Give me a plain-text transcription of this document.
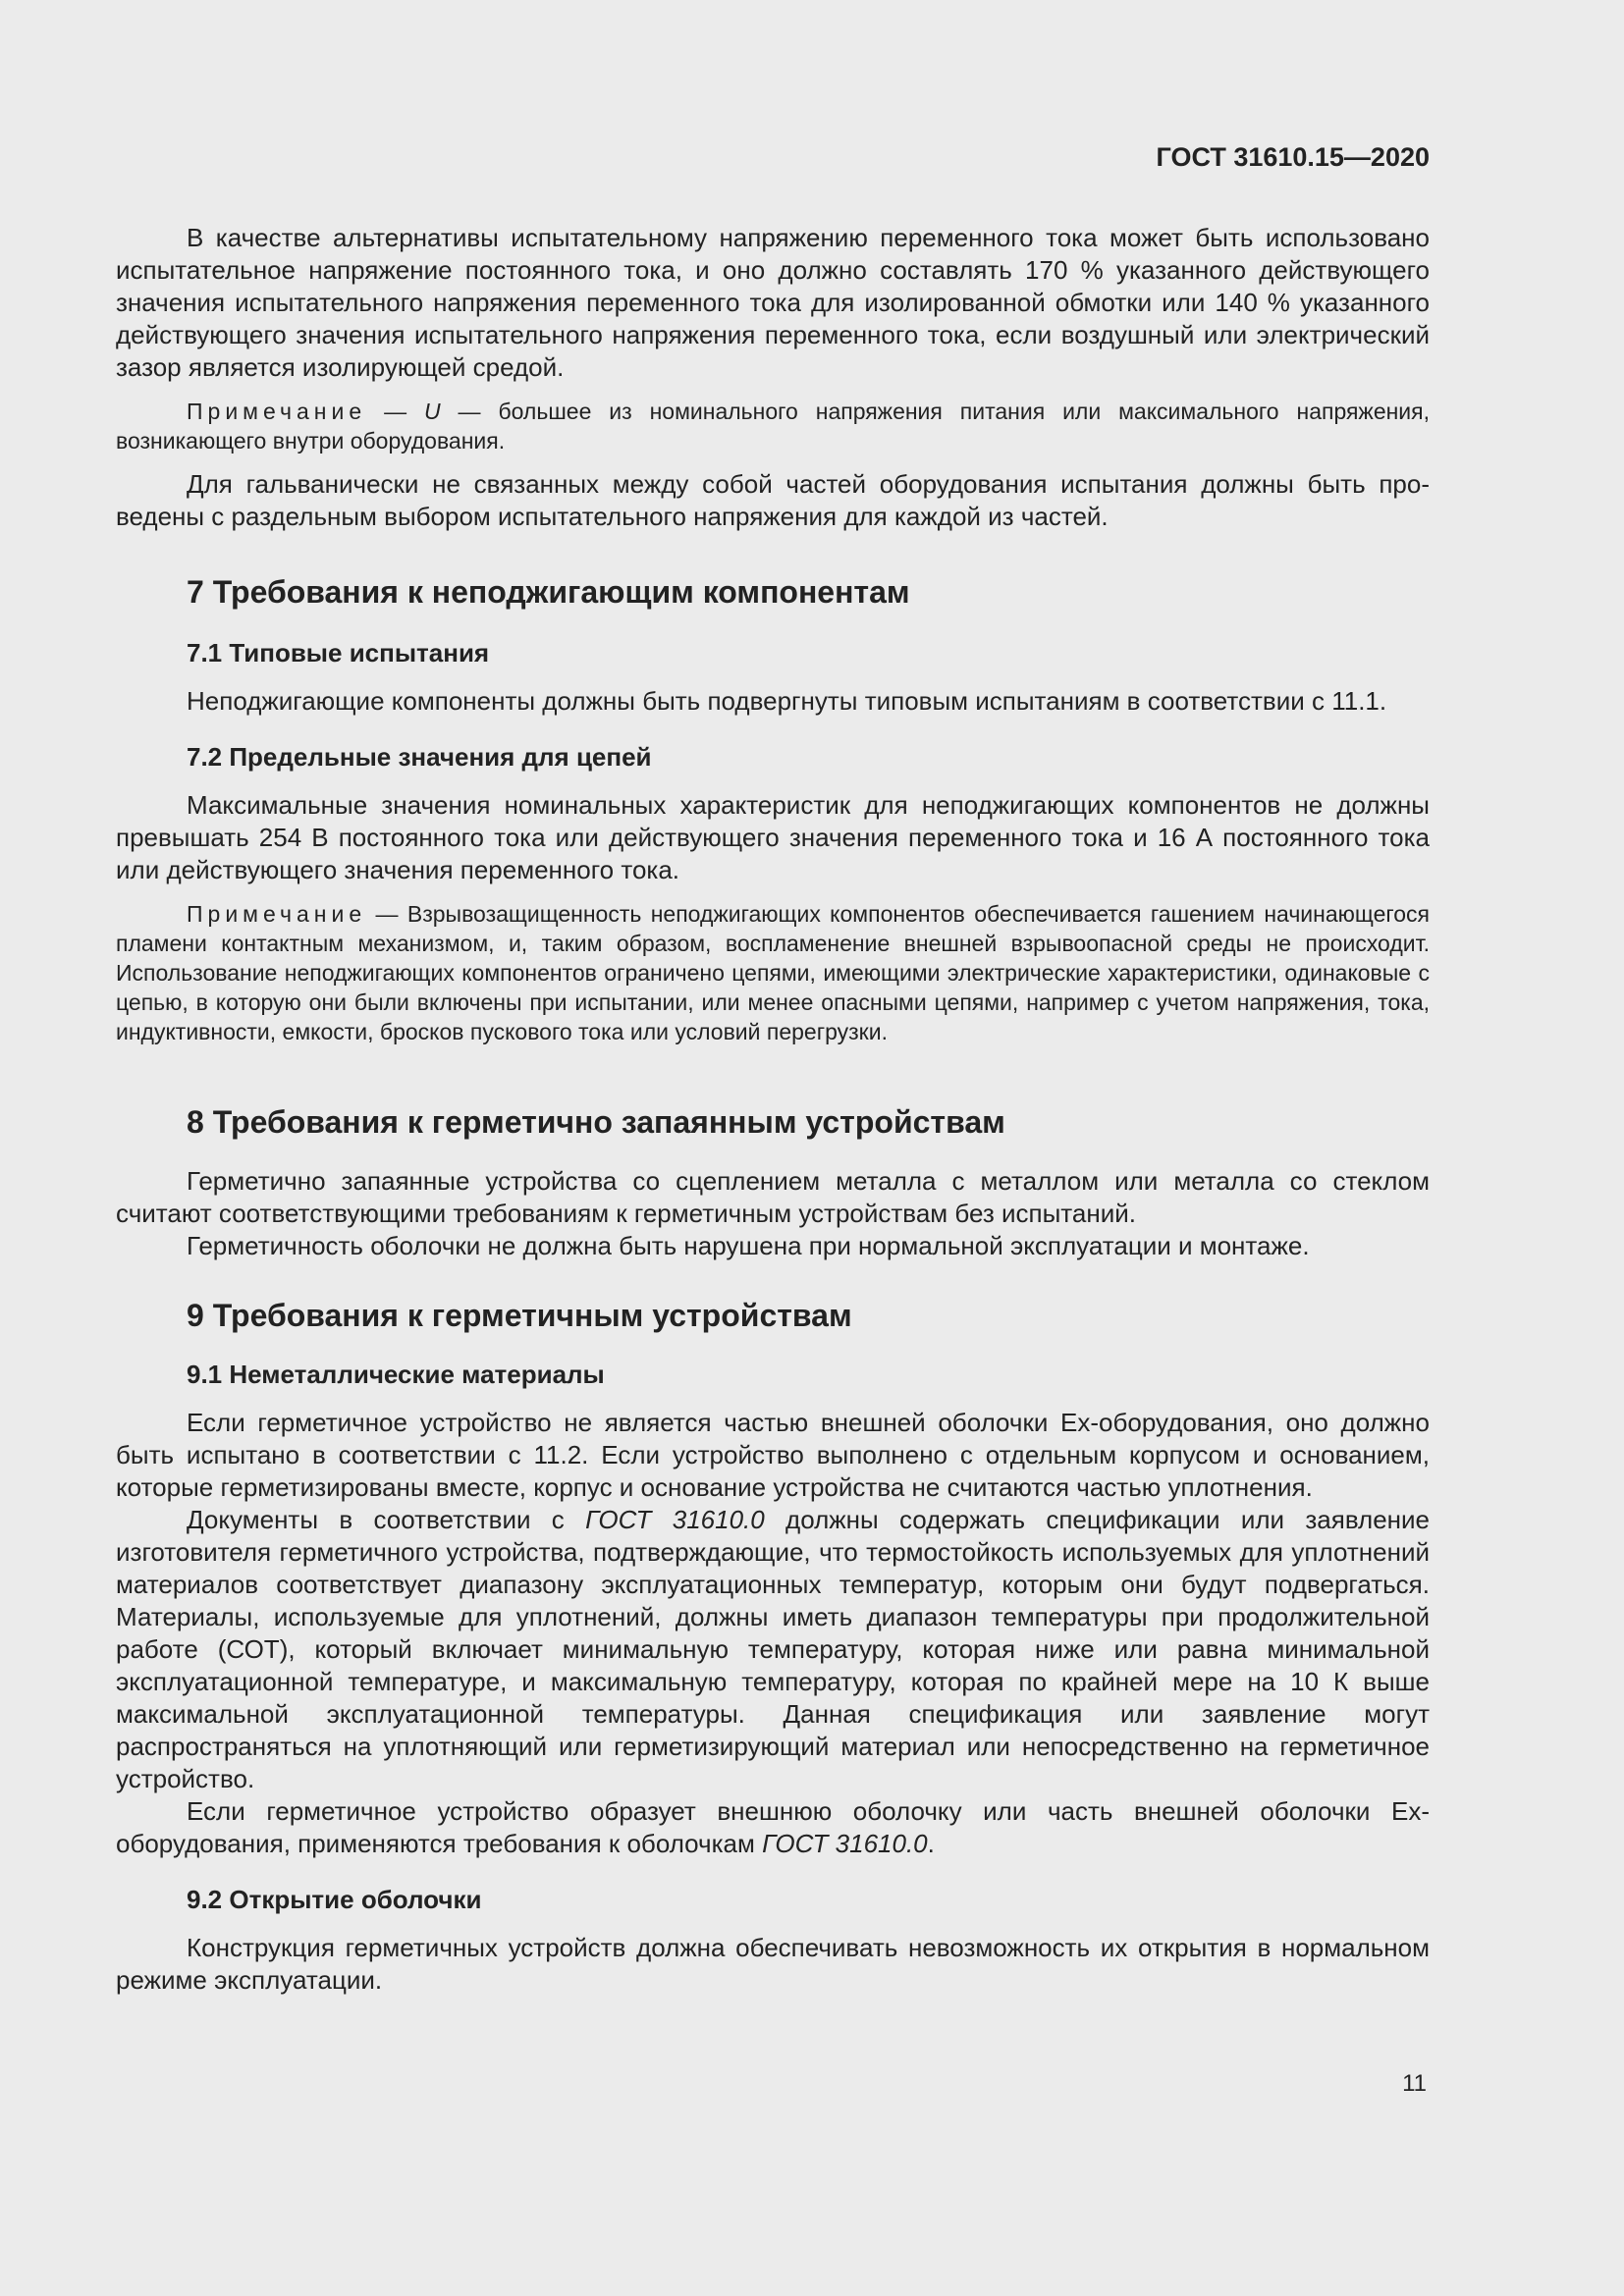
ГОСТ 31610.15—2020

В качестве альтернативы испытательному напряжению переменного тока может быть использовано испытательное напряжение постоянного тока, и оно должно составлять 170 % указанного действующего значения испытательного напряжения переменного тока для изолированной обмотки или 140 % указанного действующего значения испытательного напряжения переменного тока, если воздушный или электрический зазор является изолирующей средой.

Примечание — U — большее из номинального напряжения питания или максимального напряжения, возникающего внутри оборудования.

Для гальванически не связанных между собой частей оборудования испытания должны быть проведены с раздельным выбором испытательного напряжения для каждой из частей.

7 Требования к неподжигающим компонентам
7.1 Типовые испытания

Неподжигающие компоненты должны быть подвергнуты типовым испытаниям в соответствии с 11.1.

7.2 Предельные значения для цепей

Максимальные значения номинальных характеристик для неподжигающих компонентов не должны превышать 254 В постоянного тока или действующего значения переменного тока и 16 А постоянного тока или действующего значения переменного тока.

Примечание — Взрывозащищенность неподжигающих компонентов обеспечивается гашением начинающегося пламени контактным механизмом, и, таким образом, воспламенение внешней взрывоопасной среды не происходит. Использование неподжигающих компонентов ограничено цепями, имеющими электрические характеристики, одинаковые с цепью, в которую они были включены при испытании, или менее опасными цепями, например с учетом напряжения, тока, индуктивности, емкости, бросков пускового тока или условий перегрузки.

8 Требования к герметично запаянным устройствам

Герметично запаянные устройства со сцеплением металла с металлом или металла со стеклом считают соответствующими требованиям к герметичным устройствам без испытаний.

Герметичность оболочки не должна быть нарушена при нормальной эксплуатации и монтаже.

9 Требования к герметичным устройствам
9.1 Неметаллические материалы

Если герметичное устройство не является частью внешней оболочки Ex-оборудования, оно должно быть испытано в соответствии с 11.2. Если устройство выполнено с отдельным корпусом и основанием, которые герметизированы вместе, корпус и основание устройства не считаются частью уплотнения.

Документы в соответствии с ГОСТ 31610.0 должны содержать спецификации или заявление изготовителя герметичного устройства, подтверждающие, что термостойкость используемых для уплотнений материалов соответствует диапазону эксплуатационных температур, которым они будут подвергаться. Материалы, используемые для уплотнений, должны иметь диапазон температуры при продолжительной работе (СОТ), который включает минимальную температуру, которая ниже или равна минимальной эксплуатационной температуре, и максимальную температуру, которая по крайней мере на 10 К выше максимальной эксплуатационной температуры. Данная спецификация или заявление могут распространяться на уплотняющий или герметизирующий материал или непосредственно на герметичное устройство.

Если герметичное устройство образует внешнюю оболочку или часть внешней оболочки Ex-оборудования, применяются требования к оболочкам ГОСТ 31610.0.

9.2 Открытие оболочки

Конструкция герметичных устройств должна обеспечивать невозможность их открытия в нормальном режиме эксплуатации.

11
